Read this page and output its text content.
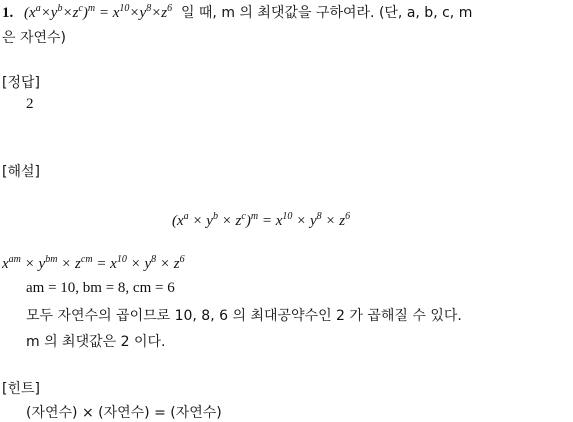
1. $(x^a\times y^b\times z^c)^m = x^{10}\times y^8\times z^6$ 일 때, m 의 최댓값을 구하여라. (단, a, b, c, m
은 자연수)
[정답]
2
[해설]
$(x^a \times y^b \times z^c)^m = x^{10} \times y^8 \times z^6$
$x^{am} \times y^{bm} \times z^{cm} = x^{10} \times y^8 \times z^6$
am = 10, bm = 8, cm = 6
모두 자연수의 곱이므로 10, 8, 6 의 최대공약수인 2 가 곱해질 수 있다.
m 의 최댓값은 2 이다.
[힌트]
(자연수) × (자연수) = (자연수)
